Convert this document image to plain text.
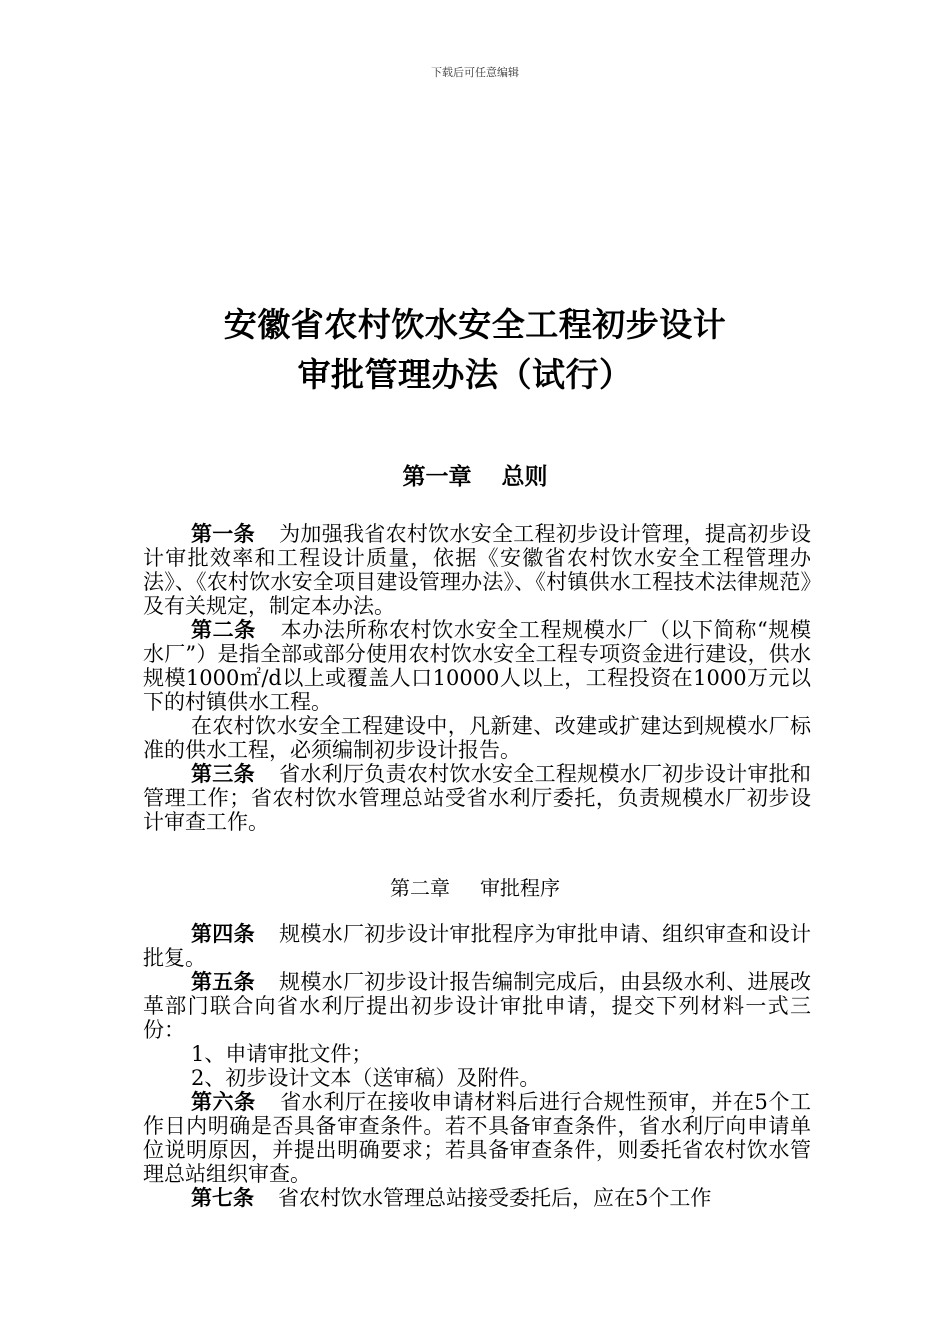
下载后可任意编辑
安徽省农村饮水安全工程初步设计
审批管理办法（试行）
第一章 总则

第一条 为加强我省农村饮水安全工程初步设计管理，提高初步设计审批效率和工程设计质量，依据《安徽省农村饮水安全工程管理办法》、《农村饮水安全项目建设管理办法》、《村镇供水工程技术法律规范》及有关规定，制定本办法。

第二条 本办法所称农村饮水安全工程规模水厂（以下简称“规模水厂”）是指全部或部分使用农村饮水安全工程专项资金进行建设，供水规模1000㎡/d以上或覆盖人口10000人以上，工程投资在1000万元以下的村镇供水工程。

在农村饮水安全工程建设中，凡新建、改建或扩建达到规模水厂标准的供水工程，必须编制初步设计报告。

第三条 省水利厅负责农村饮水安全工程规模水厂初步设计审批和管理工作；省农村饮水管理总站受省水利厅委托，负责规模水厂初步设计审查工作。

第二章 审批程序

第四条 规模水厂初步设计审批程序为审批申请、组织审查和设计批复。

第五条 规模水厂初步设计报告编制完成后，由县级水利、进展改革部门联合向省水利厅提出初步设计审批申请，提交下列材料一式三份：

1、申请审批文件；

2、初步设计文本（送审稿）及附件。

第六条 省水利厅在接收申请材料后进行合规性预审，并在5个工作日内明确是否具备审查条件。若不具备审查条件，省水利厅向申请单位说明原因，并提出明确要求；若具备审查条件，则委托省农村饮水管理总站组织审查。

第七条 省农村饮水管理总站接受委托后，应在5个工作
